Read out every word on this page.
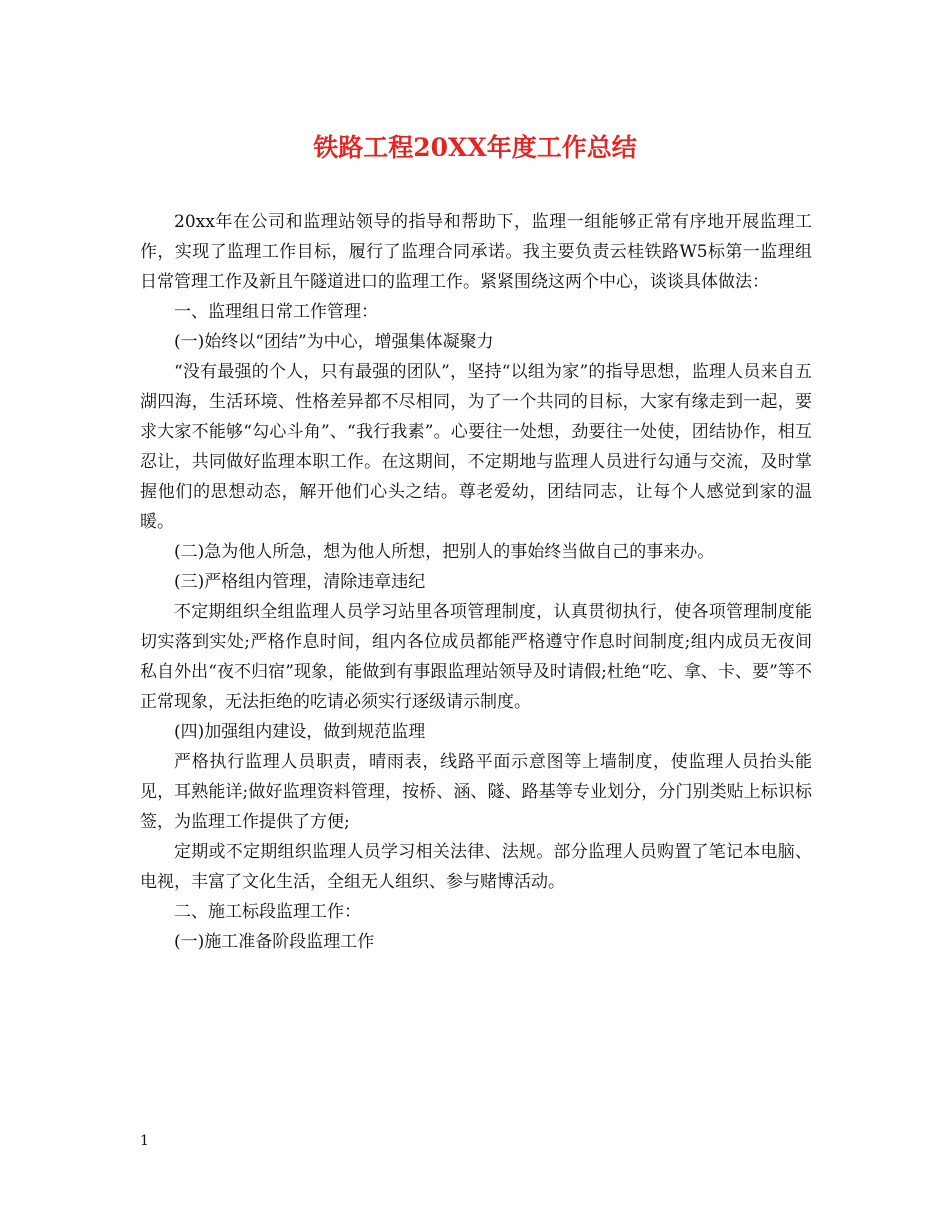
铁路工程20XX年度工作总结

20xx年在公司和监理站领导的指导和帮助下，监理一组能够正常有序地开展监理工作，实现了监理工作目标，履行了监理合同承诺。我主要负责云桂铁路W5标第一监理组日常管理工作及新且午隧道进口的监理工作。紧紧围绕这两个中心，谈谈具体做法：

一、监理组日常工作管理：

(一)始终以“团结”为中心，增强集体凝聚力

“没有最强的个人，只有最强的团队”，坚持“以组为家”的指导思想，监理人员来自五湖四海，生活环境、性格差异都不尽相同，为了一个共同的目标，大家有缘走到一起，要求大家不能够“勾心斗角”、“我行我素”。心要往一处想，劲要往一处使，团结协作，相互忍让，共同做好监理本职工作。在这期间，不定期地与监理人员进行勾通与交流，及时掌握他们的思想动态，解开他们心头之结。尊老爱幼，团结同志，让每个人感觉到家的温暖。

(二)急为他人所急，想为他人所想，把别人的事始终当做自己的事来办。

(三)严格组内管理，清除违章违纪

不定期组织全组监理人员学习站里各项管理制度，认真贯彻执行，使各项管理制度能切实落到实处;严格作息时间，组内各位成员都能严格遵守作息时间制度;组内成员无夜间私自外出“夜不归宿”现象，能做到有事跟监理站领导及时请假;杜绝“吃、拿、卡、要”等不正常现象，无法拒绝的吃请必须实行逐级请示制度。

(四)加强组内建设，做到规范监理

严格执行监理人员职责，晴雨表，线路平面示意图等上墙制度，使监理人员抬头能见，耳熟能详;做好监理资料管理，按桥、涵、隧、路基等专业划分，分门别类贴上标识标签，为监理工作提供了方便;

定期或不定期组织监理人员学习相关法律、法规。部分监理人员购置了笔记本电脑、电视，丰富了文化生活，全组无人组织、参与赌博活动。

二、施工标段监理工作：

(一)施工准备阶段监理工作

1
